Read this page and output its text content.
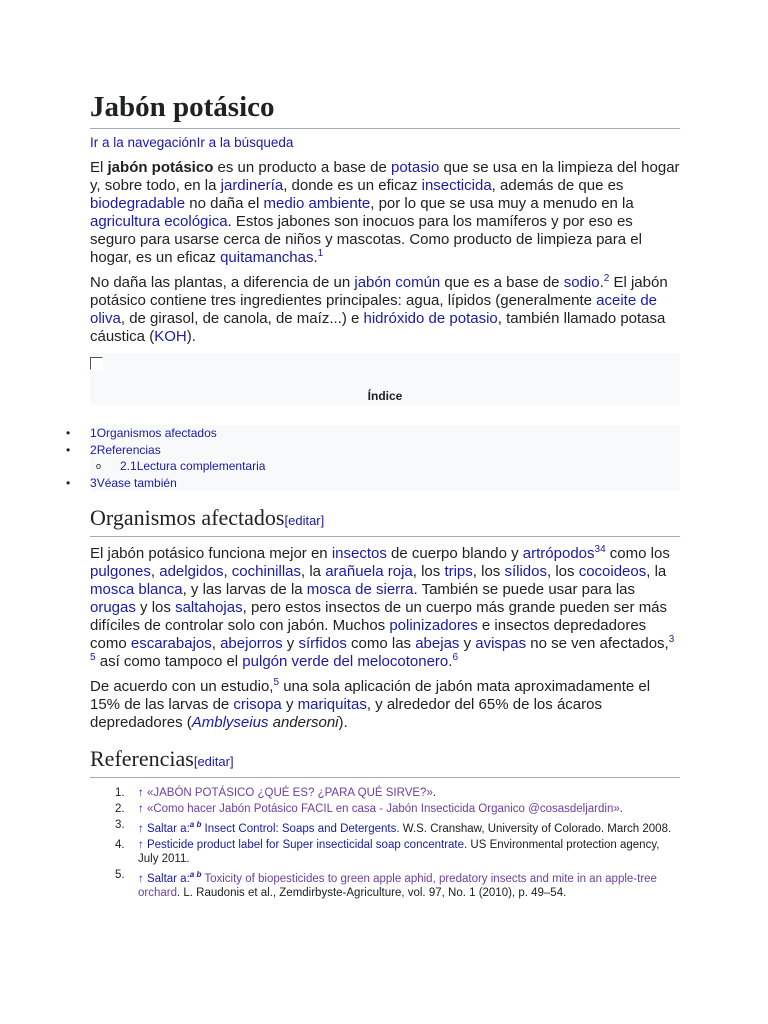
Jabón potásico
Ir a la navegaciónIr a la búsqueda

El jabón potásico es un producto a base de potasio que se usa en la limpieza del hogar y, sobre todo, en la jardinería, donde es un eficaz insecticida, además de que es biodegradable no daña el medio ambiente, por lo que se usa muy a menudo en la agricultura ecológica. Estos jabones son inocuos para los mamíferos y por eso es seguro para usarse cerca de niños y mascotas. Como producto de limpieza para el hogar, es un eficaz quitamanchas.$^1$

No daña las plantas, a diferencia de un jabón común que es a base de sodio.$^2$ El jabón potásico contiene tres ingredientes principales: agua, lípidos (generalmente aceite de oliva, de girasol, de canola, de maíz...) e hidróxido de potasio, también llamado potasa cáustica (KOH).

Índice
• 1Organismos afectados
• 2Referencias
o 2.1Lectura complementaria
• 3Véase también
Organismos afectados[editar]

El jabón potásico funciona mejor en insectos de cuerpo blando y artrópodos$^{34}$ como los pulgones, adelgidos, cochinillas, la arañuela roja, los trips, los sílidos, los cocoideos, la mosca blanca, y las larvas de la mosca de sierra. También se puede usar para las orugas y los saltahojas, pero estos insectos de un cuerpo más grande pueden ser más difíciles de controlar solo con jabón. Muchos polinizadores e insectos depredadores como escarabajos, abejorros y sírfidos como las abejas y avispas no se ven afectados,$^{3 5}$ así como tampoco el pulgón verde del melocotonero.$^6$

De acuerdo con un estudio,$^5$ una sola aplicación de jabón mata aproximadamente el 15% de las larvas de crisopa y mariquitas, y alrededor del 65% de los ácaros depredadores (Amblyseius andersoni).

Referencias[editar]
1. ↑ «JABÓN POTÁSICO ¿QUÉ ES? ¿PARA QUÉ SIRVE?».
2. ↑ «Como hacer Jabón Potásico FACIL en casa - Jabón Insecticida Organico @cosasdeljardin».
3. ↑ Saltar a:$^{a b}$ Insect Control: Soaps and Detergents. W.S. Cranshaw, University of Colorado. March 2008.
4. ↑ Pesticide product label for Super insecticidal soap concentrate. US Environmental protection agency, July 2011.
5. ↑ Saltar a:$^{a b}$ Toxicity of biopesticides to green apple aphid, predatory insects and mite in an apple-tree orchard. L. Raudonis et al., Zemdirbyste-Agriculture, vol. 97, No. 1 (2010), p. 49–54.
